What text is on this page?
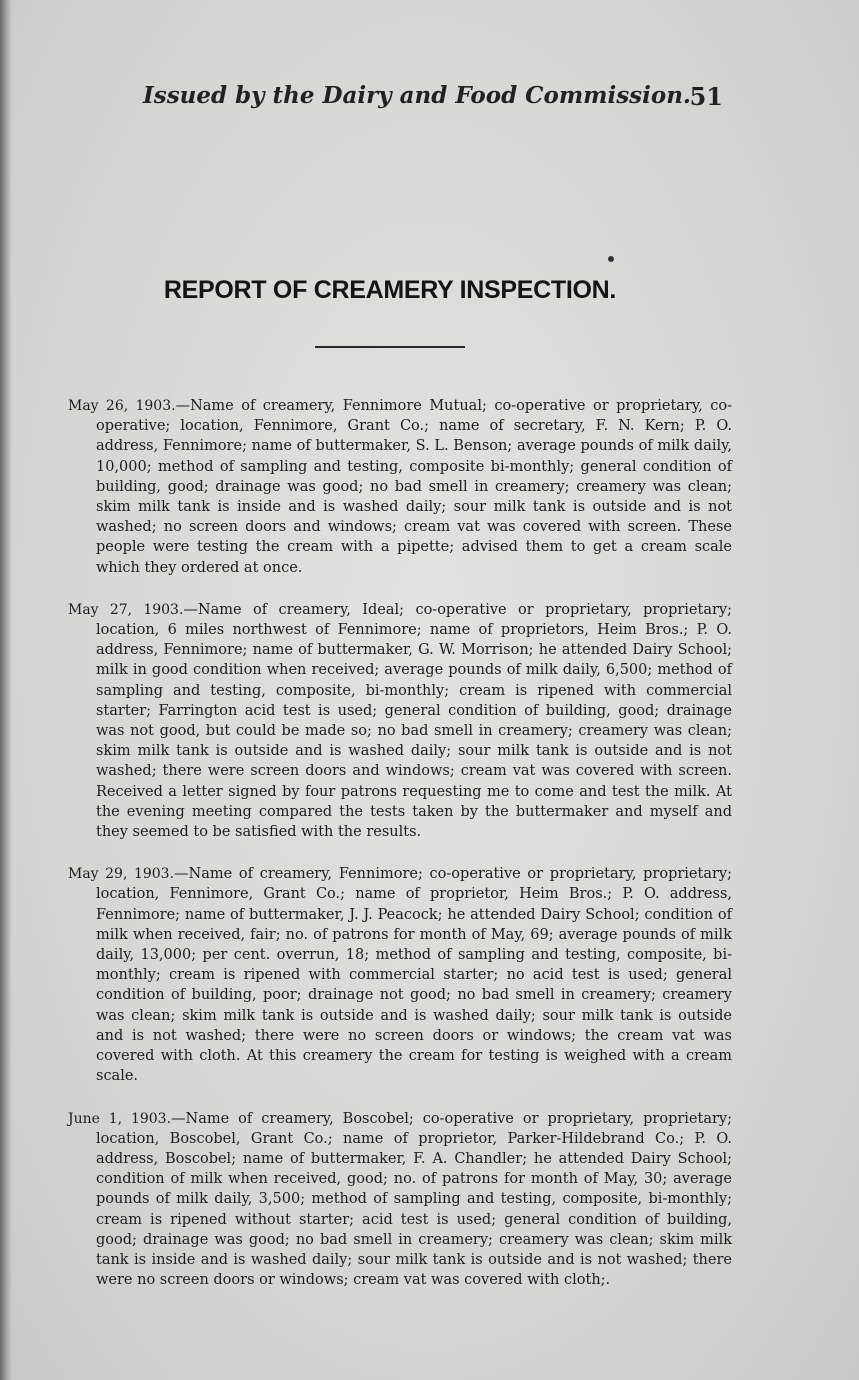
Issued by the Dairy and Food Commission.
51
REPORT OF CREAMERY INSPECTION.

May 26, 1903.—Name of creamery, Fennimore Mutual; co-operative or proprietary, co-operative; location, Fennimore, Grant Co.; name of secretary, F. N. Kern; P. O. address, Fennimore; name of buttermaker, S. L. Benson; average pounds of milk daily, 10,000; method of sampling and testing, composite bi-monthly; general condition of building, good; drainage was good; no bad smell in creamery; creamery was clean; skim milk tank is inside and is washed daily; sour milk tank is outside and is not washed; no screen doors and windows; cream vat was covered with screen. These people were testing the cream with a pipette; advised them to get a cream scale which they ordered at once.

May 27, 1903.—Name of creamery, Ideal; co-operative or proprietary, proprietary; location, 6 miles northwest of Fennimore; name of proprietors, Heim Bros.; P. O. address, Fennimore; name of buttermaker, G. W. Morrison; he attended Dairy School; milk in good condition when received; average pounds of milk daily, 6,500; method of sampling and testing, composite, bi-monthly; cream is ripened with commercial starter; Farrington acid test is used; general condition of building, good; drainage was not good, but could be made so; no bad smell in creamery; creamery was clean; skim milk tank is outside and is washed daily; sour milk tank is outside and is not washed; there were screen doors and windows; cream vat was covered with screen. Received a letter signed by four patrons requesting me to come and test the milk. At the evening meeting compared the tests taken by the buttermaker and myself and they seemed to be satisfied with the results.

May 29, 1903.—Name of creamery, Fennimore; co-operative or proprietary, proprietary; location, Fennimore, Grant Co.; name of proprietor, Heim Bros.; P. O. address, Fennimore; name of buttermaker, J. J. Peacock; he attended Dairy School; condition of milk when received, fair; no. of patrons for month of May, 69; average pounds of milk daily, 13,000; per cent. overrun, 18; method of sampling and testing, composite, bi-monthly; cream is ripened with commercial starter; no acid test is used; general condition of building, poor; drainage not good; no bad smell in creamery; creamery was clean; skim milk tank is outside and is washed daily; sour milk tank is outside and is not washed; there were no screen doors or windows; the cream vat was covered with cloth. At this creamery the cream for testing is weighed with a cream scale.

June 1, 1903.—Name of creamery, Boscobel; co-operative or proprietary, proprietary; location, Boscobel, Grant Co.; name of proprietor, Parker-Hildebrand Co.; P. O. address, Boscobel; name of buttermaker, F. A. Chandler; he attended Dairy School; condition of milk when received, good; no. of patrons for month of May, 30; average pounds of milk daily, 3,500; method of sampling and testing, composite, bi-monthly; cream is ripened without starter; acid test is used; general condition of building, good; drainage was good; no bad smell in creamery; creamery was clean; skim milk tank is inside and is washed daily; sour milk tank is outside and is not washed; there were no screen doors or windows; cream vat was covered with cloth;.
